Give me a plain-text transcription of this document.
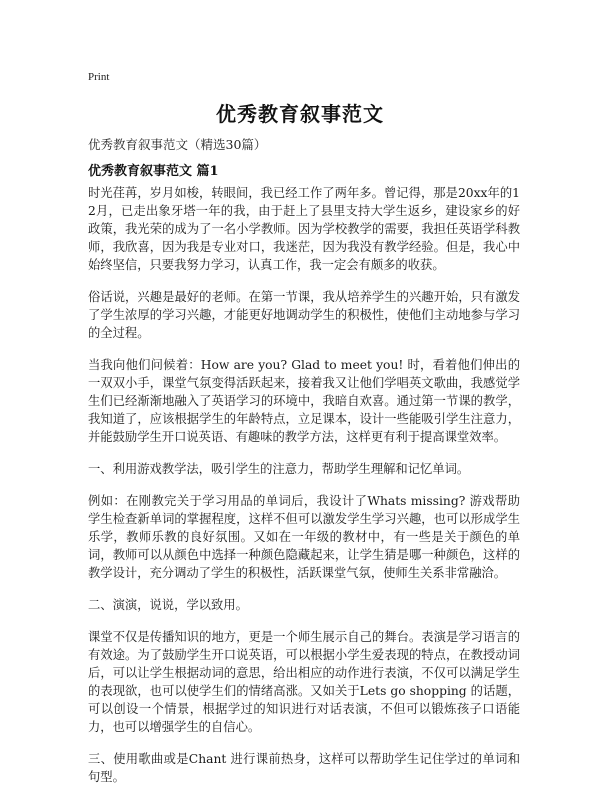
Print
优秀教育叙事范文
优秀教育叙事范文（精选30篇）
优秀教育叙事范文 篇1

时光荏苒，岁月如梭，转眼间，我已经工作了两年多。曾记得，那是20xx年的12月，已走出象牙塔一年的我，由于赶上了县里支持大学生返乡，建设家乡的好政策，我光荣的成为了一名小学教师。因为学校教学的需要，我担任英语学科教师，我欣喜，因为我是专业对口，我迷茫，因为我没有教学经验。但是，我心中始终坚信，只要我努力学习，认真工作，我一定会有颇多的收获。

俗话说，兴趣是最好的老师。在第一节课，我从培养学生的兴趣开始，只有激发了学生浓厚的学习兴趣，才能更好地调动学生的积极性，使他们主动地参与学习的全过程。

当我向他们问候着：How are you? Glad to meet you! 时，看着他们伸出的一双双小手，课堂气氛变得活跃起来，接着我又让他们学唱英文歌曲，我感觉学生们已经渐渐地融入了英语学习的环境中，我暗自欢喜。通过第一节课的教学，我知道了，应该根据学生的年龄特点，立足课本，设计一些能吸引学生注意力，并能鼓励学生开口说英语、有趣味的教学方法，这样更有利于提高课堂效率。

一、利用游戏教学法，吸引学生的注意力，帮助学生理解和记忆单词。

例如：在刚教完关于学习用品的单词后，我设计了Whats missing? 游戏帮助学生检查新单词的掌握程度，这样不但可以激发学生学习兴趣，也可以形成学生乐学，教师乐教的良好氛围。又如在一年级的教材中，有一些是关于颜色的单词，教师可以从颜色中选择一种颜色隐藏起来，让学生猜是哪一种颜色，这样的教学设计，充分调动了学生的积极性，活跃课堂气氛，使师生关系非常融洽。

二、演演，说说，学以致用。

课堂不仅是传播知识的地方，更是一个师生展示自己的舞台。表演是学习语言的有效途。为了鼓励学生开口说英语，可以根据小学生爱表现的特点，在教授动词后，可以让学生根据动词的意思，给出相应的动作进行表演，不仅可以满足学生的表现欲，也可以使学生们的情绪高涨。又如关于Lets go shopping 的话题，可以创设一个情景，根据学过的知识进行对话表演，不但可以锻炼孩子口语能力，也可以增强学生的自信心。

三、使用歌曲或是Chant 进行课前热身，这样可以帮助学生记住学过的单词和句型。
